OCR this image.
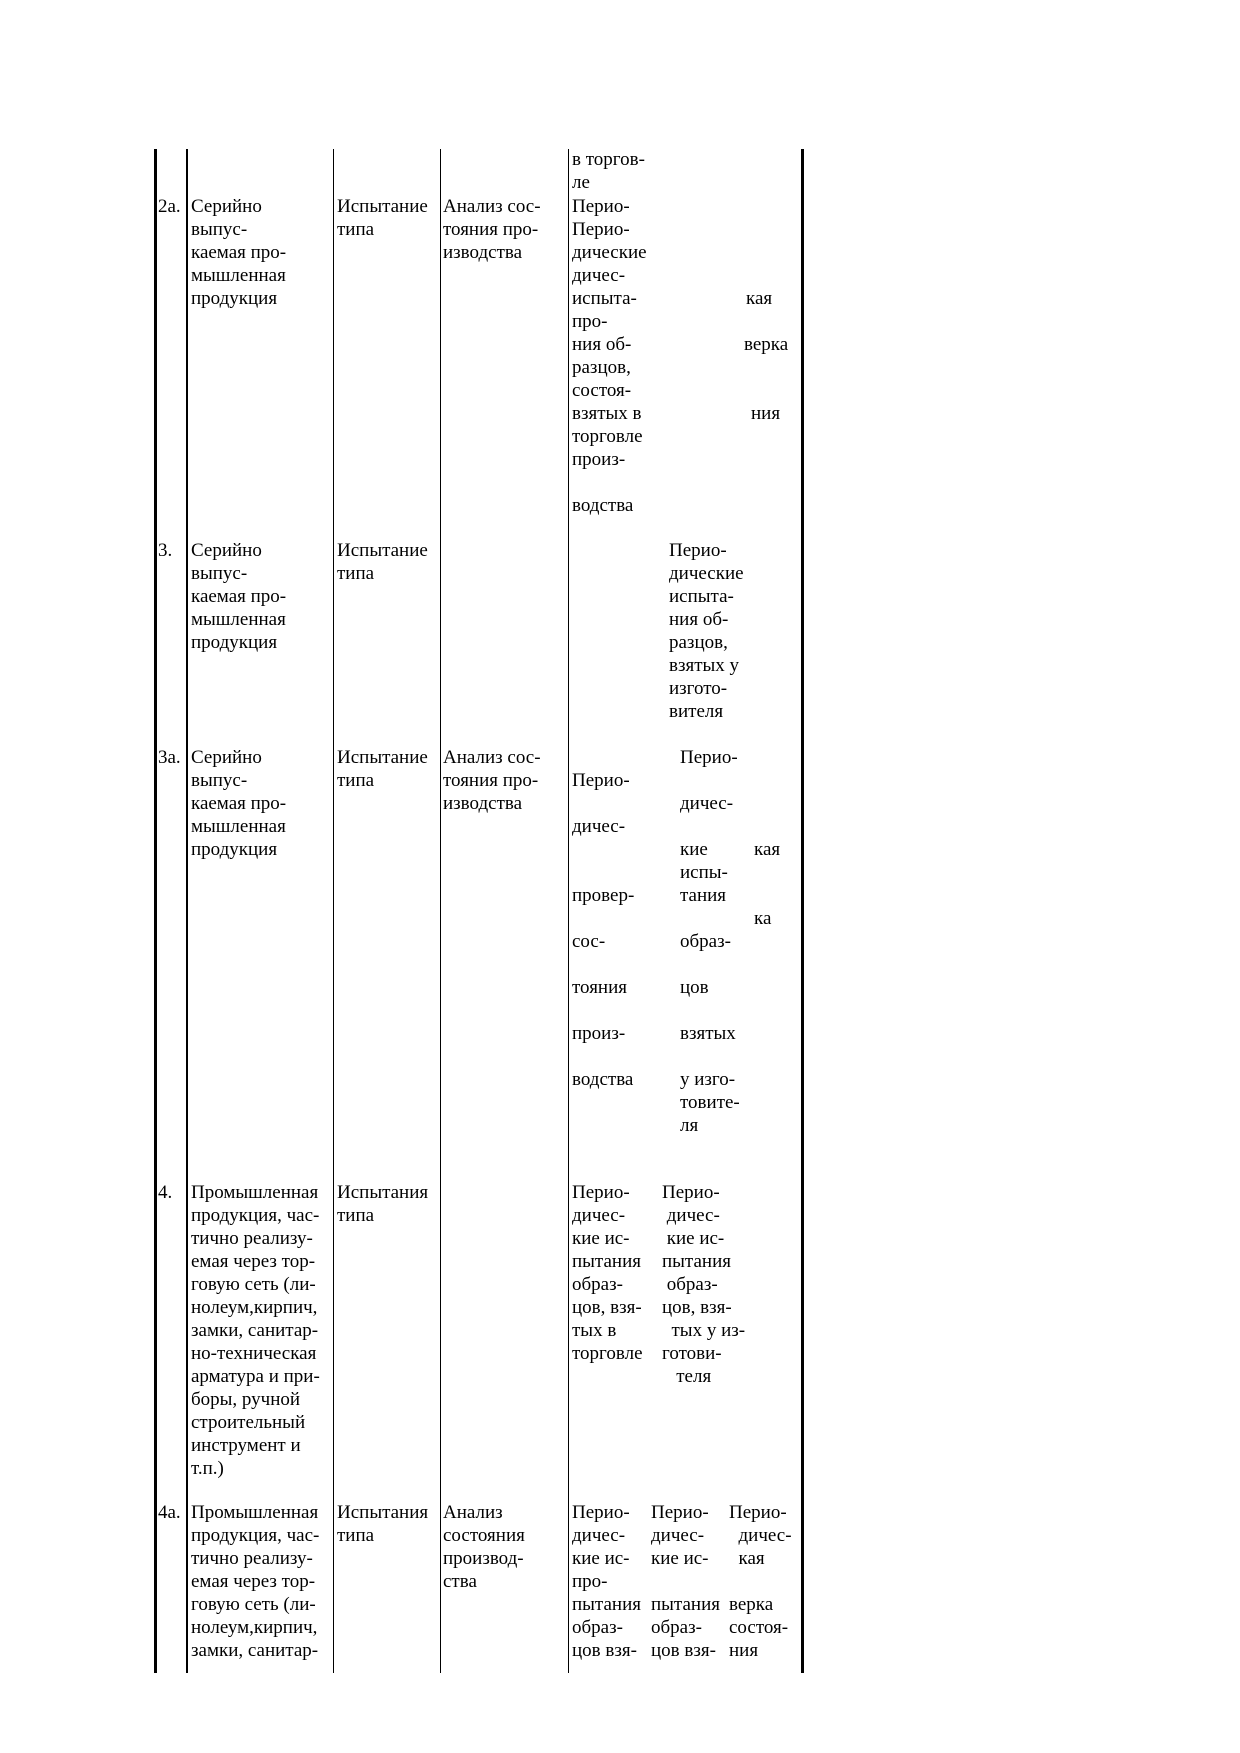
в торгов-
ле
2а. Серийно
выпус-
каемая про-
мышленная
продукция
Испытание
типа
Анализ сос-
тояния про-
изводства
Перио-
Перио-
дические
дичес-
испыта-
про-
ния об-
разцов,
состоя-
взятых в
торговле
произ-

водства
кая
верка
ния
3. Серийно
выпус-
каемая про-
мышленная
продукция
Испытание
типа
Перио-
дические
испыта-
ния об-
разцов,
взятых у
изгото-
вителя
3а. Серийно
выпус-
каемая про-
мышленная
продукция
Испытание
типа
Анализ сос-
тояния про-
изводства
Перио-

дичес-

провер-

сос-

тояния

произ-

водства
Перио-

дичес-

кие
испы-
тания

образ-

цов

взятых

у изго-
товите-
ля
кая

ка
4. Промышленная
продукция, час-
тично реализу-
емая через тор-
говую сеть (ли-
нолеум,кирпич,
замки, санитар-
но-техническая
арматура и при-
боры, ручной
строительный
инструмент и
т.п.)
Испытания
типа
Перио-
дичес-
кие ис-
пытания
образ-
цов, взя-
тых в
торговле
Перио-
дичес-
кие ис-
пытания
образ-
цов, взя-
тых у из-
готови-
теля
4а. Промышленная
продукция, час-
тично реализу-
емая через тор-
говую сеть (ли-
нолеум,кирпич,
замки, санитар-
Испытания
типа
Анализ
состояния
производ-
ства
Перио-
дичес-
кие ис-
про-
пытания
образ-
цов взя-
Перио-
дичес-
кие ис-

пытания
образ-
цов взя-
Перио-
дичес-
кая

верка
состоя-
ния
